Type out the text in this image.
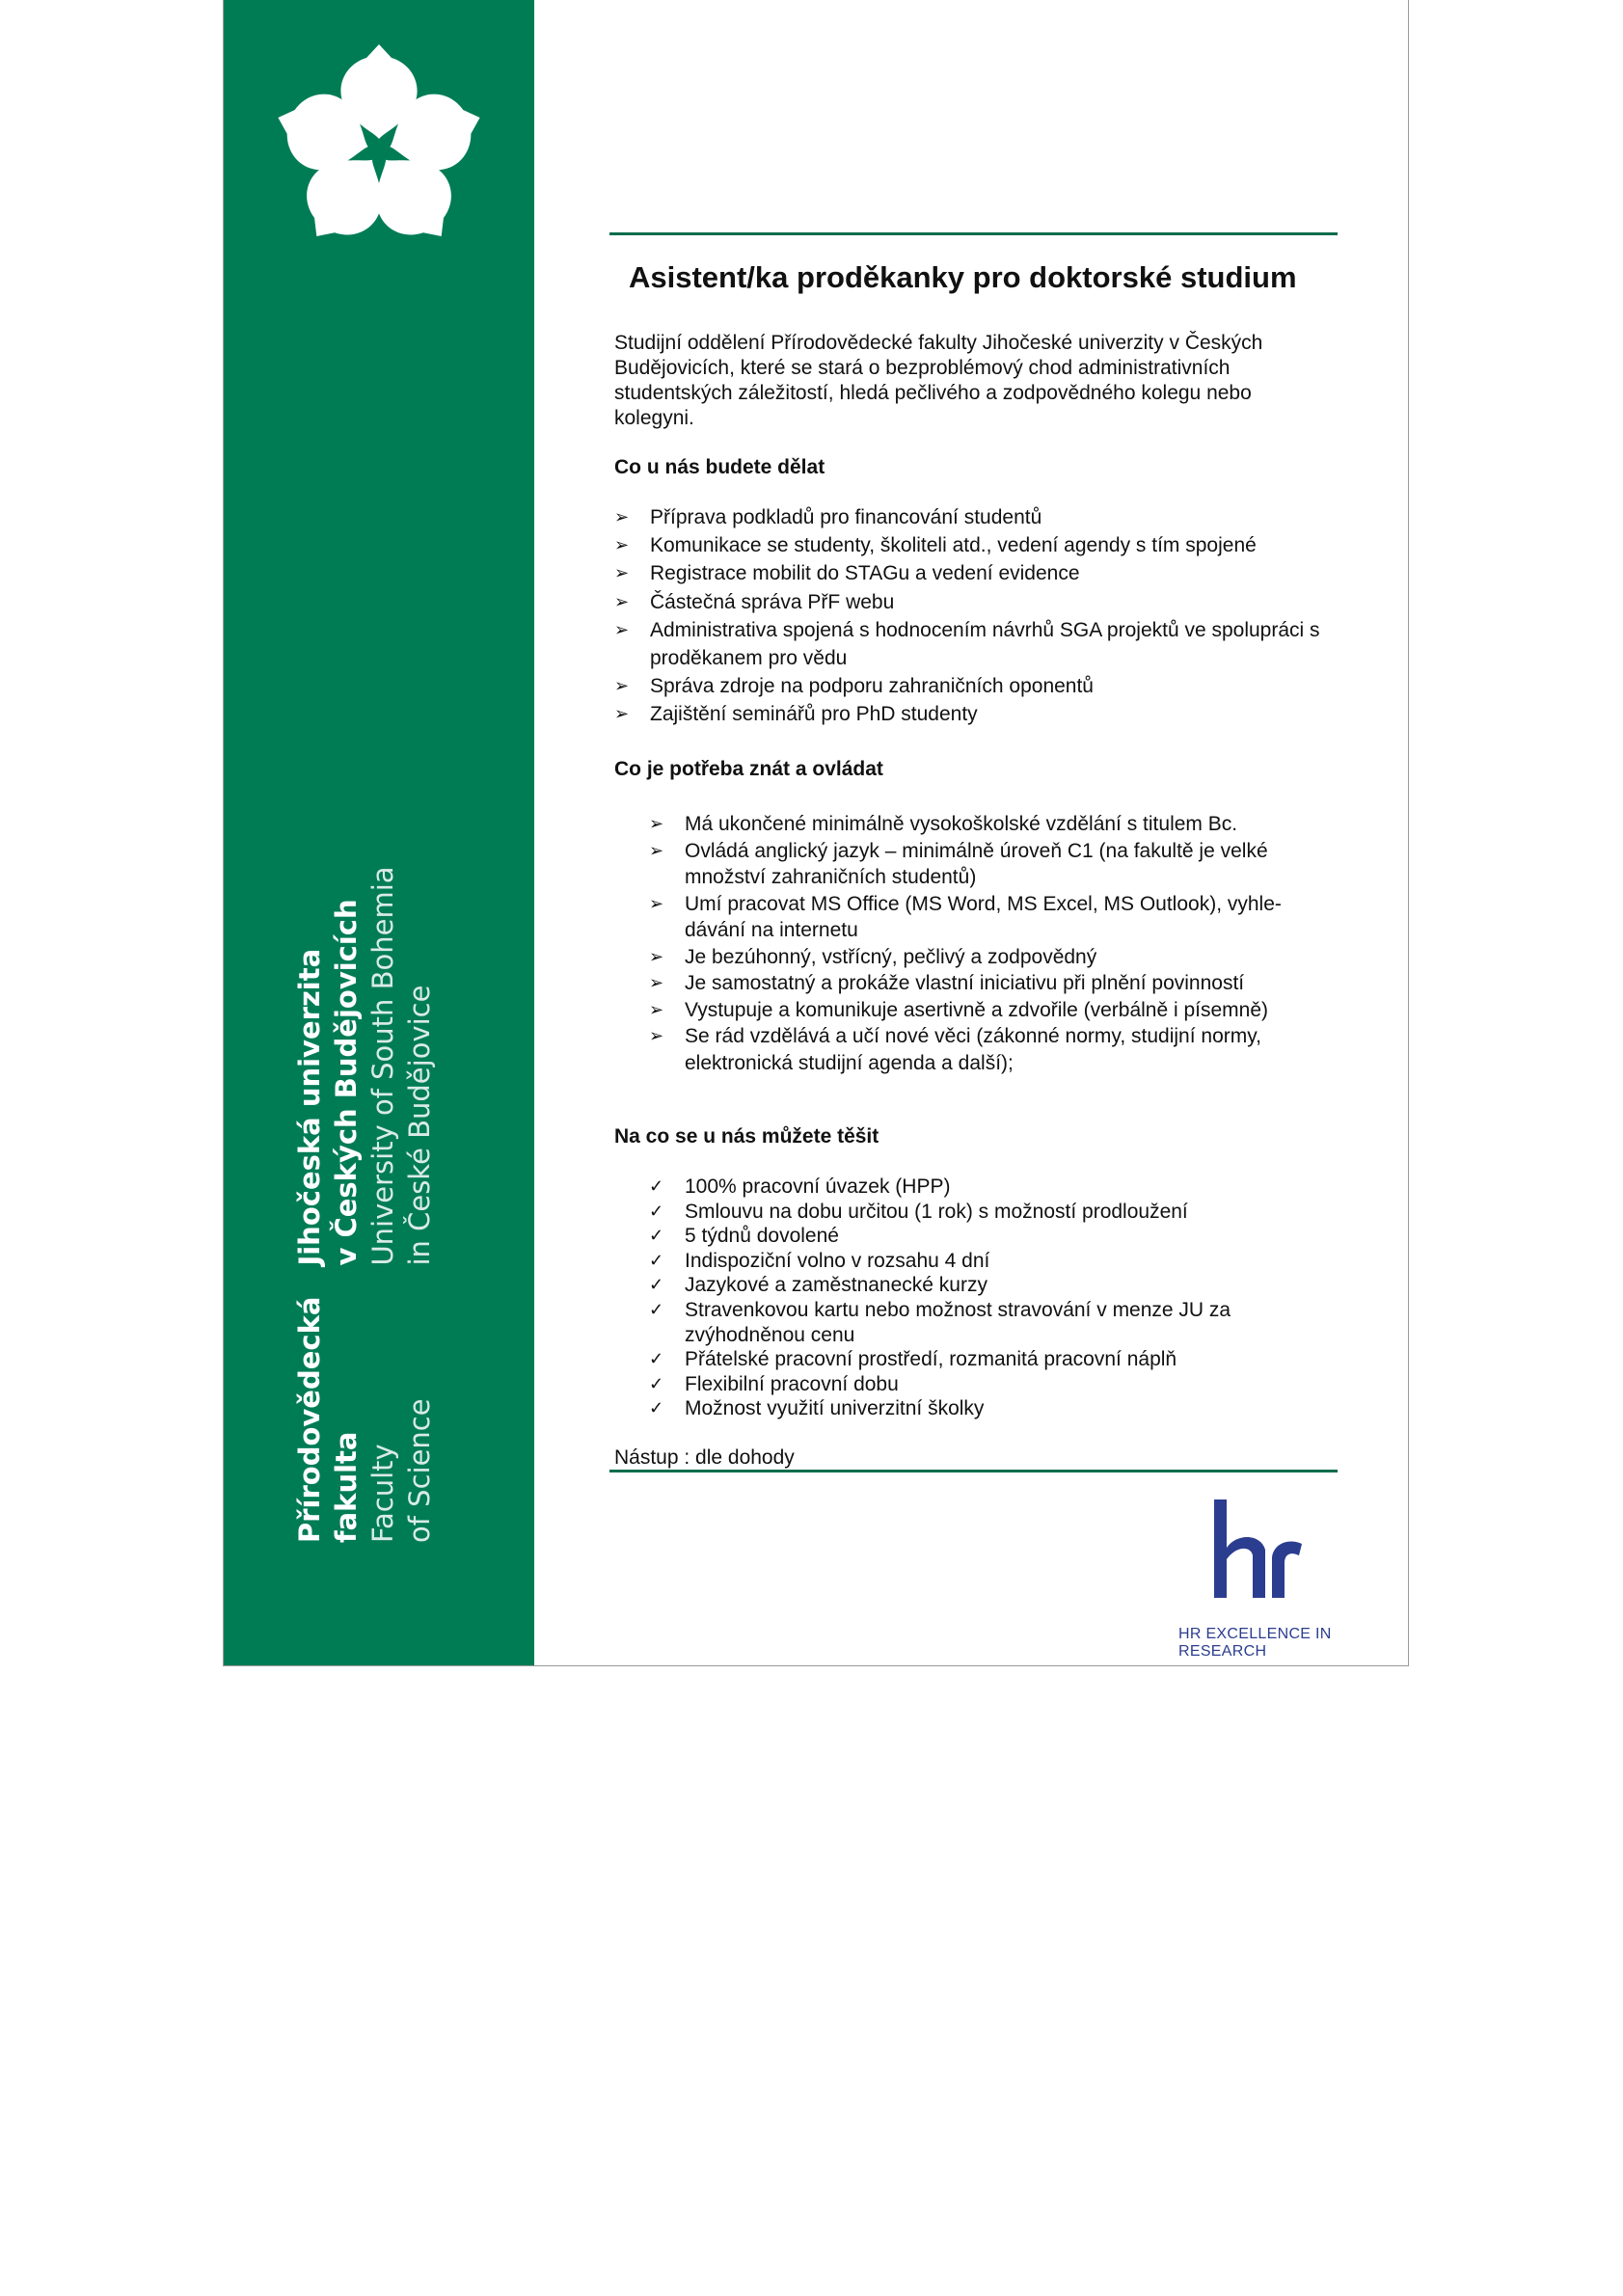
Přírodovědecká fakulta Faculty of Science
Jihočeská univerzita v Českých Budějovicích University of South Bohemia in České Budějovice
Asistent/ka proděkanky pro doktorské studium
Studijní oddělení Přírodovědecké fakulty Jihočeské univerzity v Českých Budějovicích, které se stará o bezproblémový chod administrativních studentských záležitostí, hledá pečlivého a zodpovědného kolegu nebo kolegyni.
Co u nás budete dělat
➢ Příprava podkladů pro financování studentů
➢ Komunikace se studenty, školiteli atd., vedení agendy s tím spojené
➢ Registrace mobilit do STAGu a vedení evidence
➢ Částečná správa PřF webu
➢ Administrativa spojená s hodnocením návrhů SGA projektů ve spolupráci s proděkanem pro vědu
➢ Správa zdroje na podporu zahraničních oponentů
➢ Zajištění seminářů pro PhD studenty
Co je potřeba znát a ovládat
➢ Má ukončené minimálně vysokoškolské vzdělání s titulem Bc.
➢ Ovládá anglický jazyk – minimálně úroveň C1 (na fakultě je velké množství zahraničních studentů)
➢ Umí pracovat MS Office (MS Word, MS Excel, MS Outlook), vyhle-dávání na internetu
➢ Je bezúhonný, vstřícný, pečlivý a zodpovědný
➢ Je samostatný a prokáže vlastní iniciativu při plnění povinností
➢ Vystupuje a komunikuje asertivně a zdvořile (verbálně i písemně)
➢ Se rád vzdělává a učí nové věci (zákonné normy, studijní normy, elektronická studijní agenda a další);
Na co se u nás můžete těšit
✓ 100% pracovní úvazek (HPP)
✓ Smlouvu na dobu určitou (1 rok) s možností prodloužení
✓ 5 týdnů dovolené
✓ Indispoziční volno v rozsahu 4 dní
✓ Jazykové a zaměstnanecké kurzy
✓ Stravenkovou kartu nebo možnost stravování v menze JU za zvýhodněnou cenu
✓ Přátelské pracovní prostředí, rozmanitá pracovní náplň
✓ Flexibilní pracovní dobu
✓ Možnost využití univerzitní školky
Nástup : dle dohody
HR EXCELLENCE IN RESEARCH
